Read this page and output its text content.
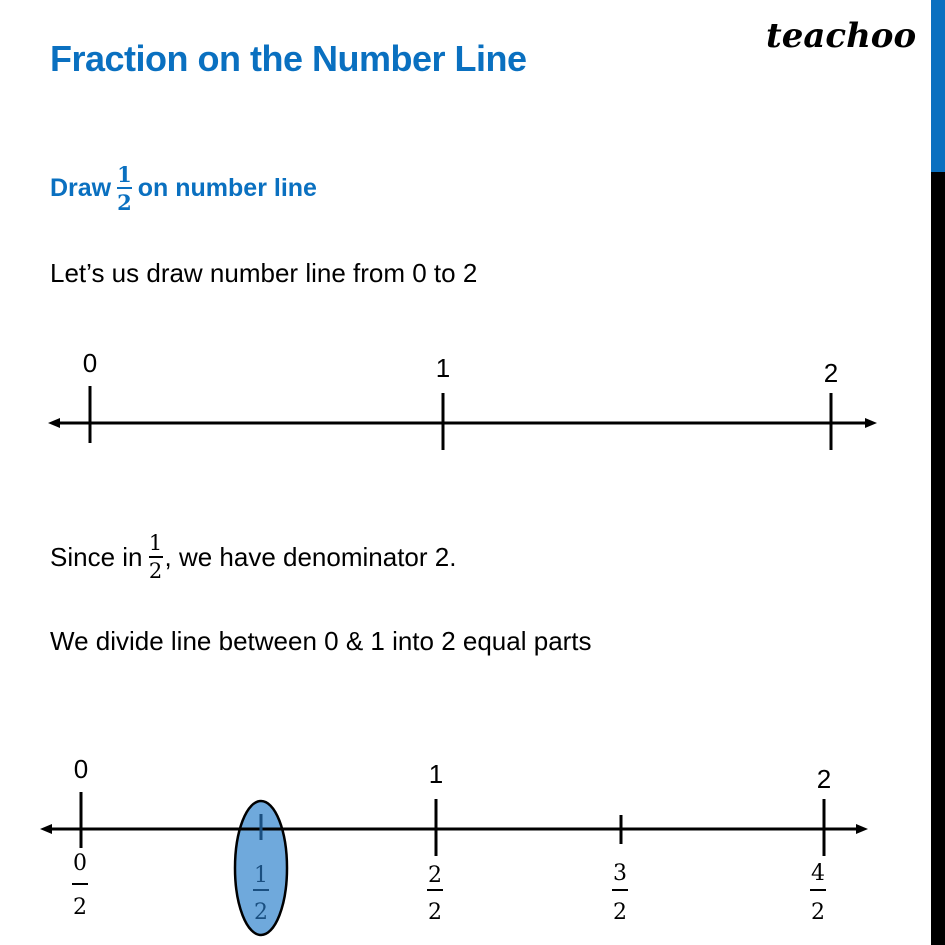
teachoo
Fraction on the Number Line
Draw $\frac{1}{2}$ on number line
Let’s us draw number line from 0 to 2
Since in $\frac{1}{2}$ , we have denominator 2.
We divide line between 0 & 1 into 2 equal parts
0	1	2
0
0
2
1
2
1
2
2
3
2
2
4
2
